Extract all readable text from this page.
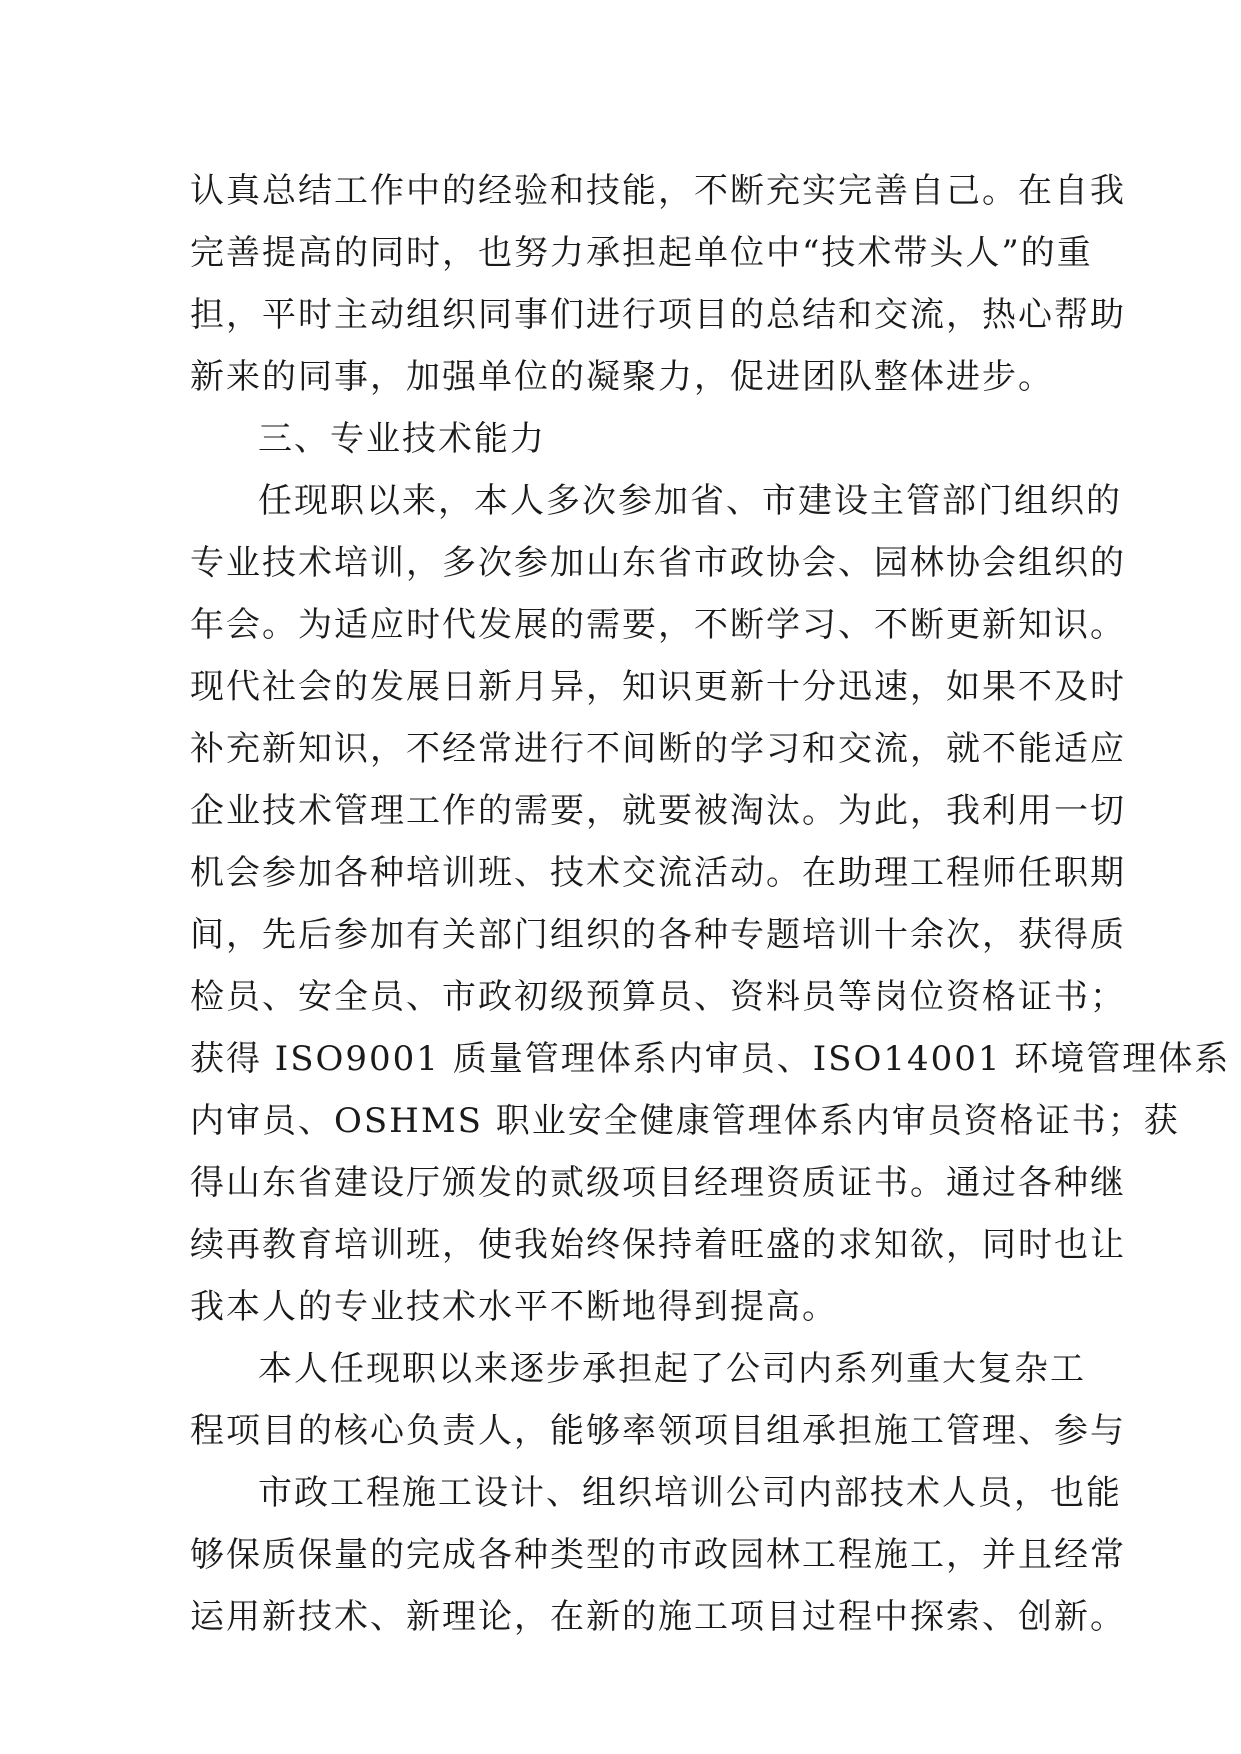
认真总结工作中的经验和技能，不断充实完善自己。在自我
完善提高的同时，也努力承担起单位中“技术带头人”的重
担，平时主动组织同事们进行项目的总结和交流，热心帮助
新来的同事，加强单位的凝聚力，促进团队整体进步。
三、专业技术能力
任现职以来，本人多次参加省、市建设主管部门组织的
专业技术培训，多次参加山东省市政协会、园林协会组织的
年会。为适应时代发展的需要，不断学习、不断更新知识。
现代社会的发展日新月异，知识更新十分迅速，如果不及时
补充新知识，不经常进行不间断的学习和交流，就不能适应
企业技术管理工作的需要，就要被淘汰。为此，我利用一切
机会参加各种培训班、技术交流活动。在助理工程师任职期
间，先后参加有关部门组织的各种专题培训十余次，获得质
检员、安全员、市政初级预算员、资料员等岗位资格证书；
获得 ISO9001 质量管理体系内审员、ISO14001 环境管理体系
内审员、OSHMS 职业安全健康管理体系内审员资格证书；获
得山东省建设厅颁发的贰级项目经理资质证书。通过各种继
续再教育培训班，使我始终保持着旺盛的求知欲，同时也让
我本人的专业技术水平不断地得到提高。
本人任现职以来逐步承担起了公司内系列重大复杂工
程项目的核心负责人，能够率领项目组承担施工管理、参与
市政工程施工设计、组织培训公司内部技术人员，也能
够保质保量的完成各种类型的市政园林工程施工，并且经常
运用新技术、新理论，在新的施工项目过程中探索、创新。
